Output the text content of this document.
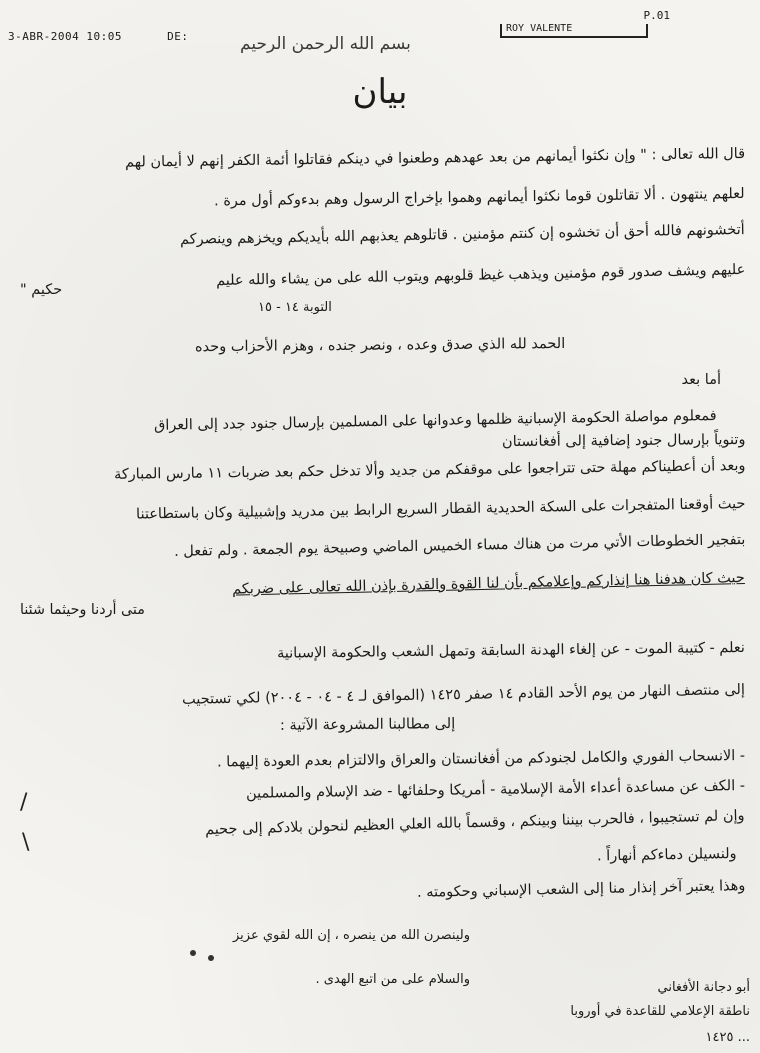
3-ABR-2004 10:05	DE:
P.01
ROY VALENTE
بسم الله الرحمن الرحيم
بيان
قال الله تعالى : " وإن نكثوا أيمانهم من بعد عهدهم وطعنوا في دينكم فقاتلوا أئمة الكفر إنهم لا أيمان لهم
لعلهم ينتهون . ألا تقاتلون قوما نكثوا أيمانهم وهموا بإخراج الرسول وهم بدءوكم أول مرة .
أتخشونهم فالله أحق أن تخشوه إن كنتم مؤمنين . قاتلوهم يعذبهم الله بأيديكم ويخزهم وينصركم
عليهم ويشف صدور قوم مؤمنين ويذهب غيظ قلوبهم ويتوب الله على من يشاء والله عليم
حكيم "
التوبة ١٤ - ١٥
الحمد لله الذي صدق وعده ، ونصر جنده ، وهزم الأحزاب وحده
أما بعد
فمعلوم مواصلة الحكومة الإسبانية ظلمها وعدوانها على المسلمين بإرسال جنود جدد إلى العراق
وتنوياً بإرسال جنود إضافية إلى أفغانستان
وبعد أن أعطيناكم مهلة حتى تتراجعوا على موقفكم من جديد وألا تدخل حكم بعد ضربات ١١ مارس المباركة
حيث أوقعنا المتفجرات على السكة الحديدية القطار السريع الرابط بين مدريد وإشبيلية وكان باستطاعتنا
بتفجير الخطوطات الأتي مرت من هناك مساء الخميس الماضي وصبيحة يوم الجمعة . ولم تفعل .
حيث كان هدفنا هنا إنذاركم وإعلامكم بأن لنا القوة والقدرة بإذن الله تعالى على ضربكم
متى أردنا وحيثما شئنا
نعلم - كتيبة الموت - عن إلغاء الهدنة السابقة وتمهل الشعب والحكومة الإسبانية
إلى منتصف النهار من يوم الأحد القادم ١٤ صفر ١٤٢٥ (الموافق لـ ٤ - ٠٤ - ٢٠٠٤) لكي تستجيب
إلى مطالبنا المشروعة الآتية :
- الانسحاب الفوري والكامل لجنودكم من أفغانستان والعراق والالتزام بعدم العودة إليهما .
- الكف عن مساعدة أعداء الأمة الإسلامية - أمريكا وحلفائها - ضد الإسلام والمسلمين
وإن لم تستجيبوا ، فالحرب بيننا وبينكم ، وقسماً بالله العلي العظيم لنحولن بلادكم إلى جحيم
ولنسيلن دماءكم أنهاراً .
وهذا يعتبر آخر إنذار منا إلى الشعب الإسباني وحكومته .
ولينصرن الله من ينصره ، إن الله لقوي عزيز
والسلام على من اتبع الهدى .
أبو دجانة الأفغاني
ناطقة الإعلامي للقاعدة في أوروبا
... ١٤٢٥
/
\
